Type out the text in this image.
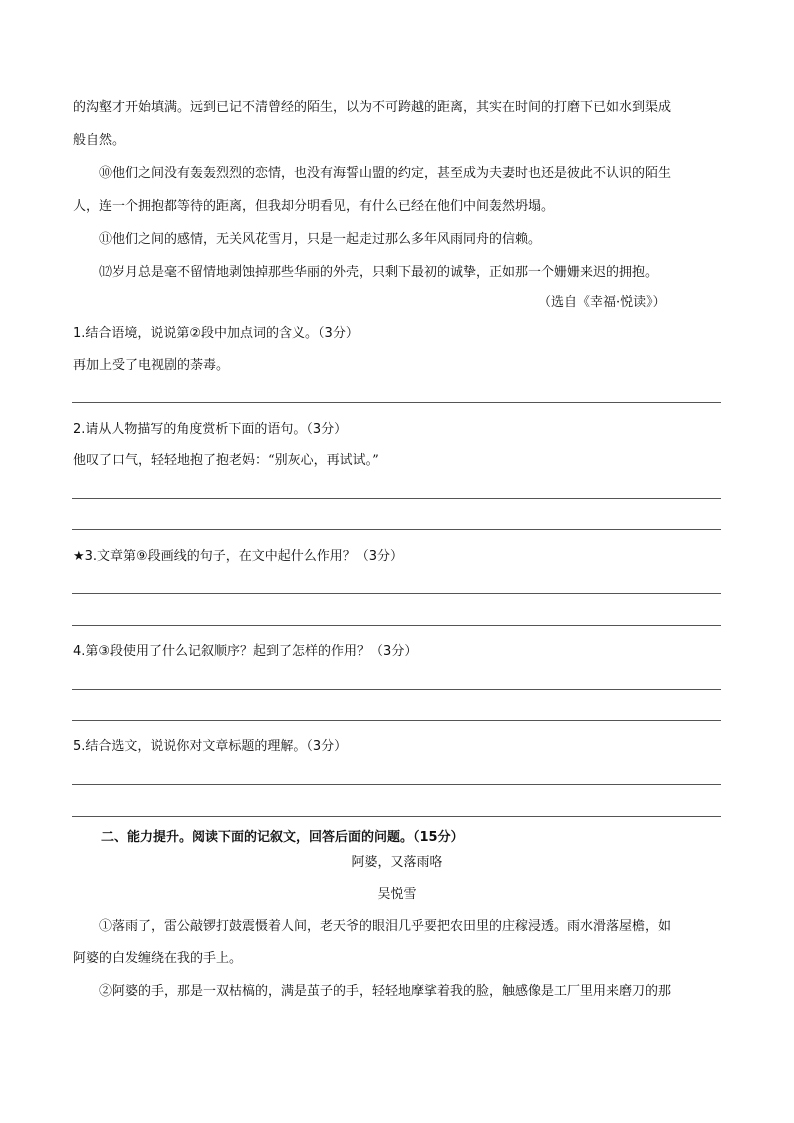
的沟壑才开始填满。远到已记不清曾经的陌生，以为不可跨越的距离，其实在时间的打磨下已如水到渠成
般自然。
⑩他们之间没有轰轰烈烈的恋情，也没有海誓山盟的约定，甚至成为夫妻时也还是彼此不认识的陌生
人，连一个拥抱都等待的距离，但我却分明看见，有什么已经在他们中间轰然坍塌。
⑪他们之间的感情，无关风花雪月，只是一起走过那么多年风雨同舟的信赖。
⑿岁月总是毫不留情地剥蚀掉那些华丽的外壳，只剩下最初的诚挚，正如那一个姗姗来迟的拥抱。
（选自《幸福·悦读》）
1.结合语境，说说第②段中加点词的含义。（3分）
再加上受了电视剧的荼毒。
2.请从人物描写的角度赏析下面的语句。（3分）
他叹了口气，轻轻地抱了抱老妈：“别灰心，再试试。”
★3.文章第⑨段画线的句子，在文中起什么作用？（3分）
4.第③段使用了什么记叙顺序？起到了怎样的作用？（3分）
5.结合选文，说说你对文章标题的理解。（3分）
二、能力提升。阅读下面的记叙文，回答后面的问题。（15分）
阿婆，又落雨咯
吴悦雪
①落雨了，雷公敲锣打鼓震慑着人间，老天爷的眼泪几乎要把农田里的庄稼浸透。雨水滑落屋檐，如
阿婆的白发缠绕在我的手上。
②阿婆的手，那是一双枯槁的，满是茧子的手，轻轻地摩挲着我的脸，触感像是工厂里用来磨刀的那
